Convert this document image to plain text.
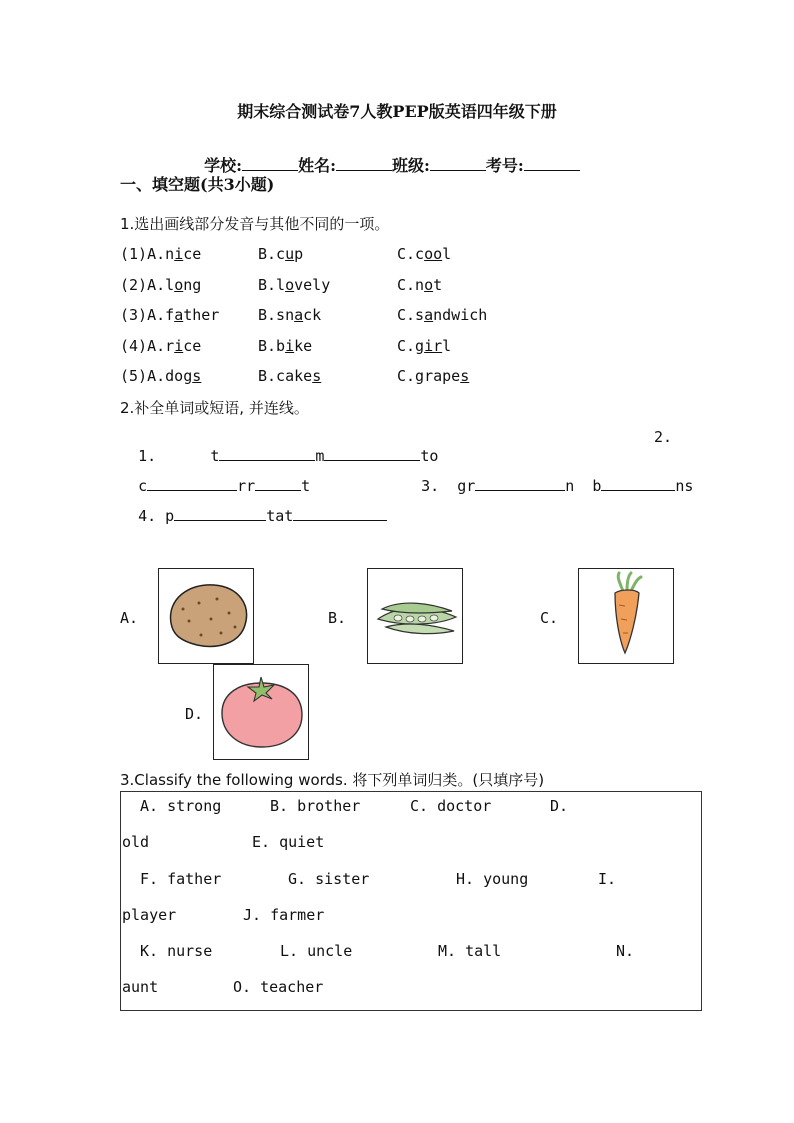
期末综合测试卷7人教PEP版英语四年级下册

学校:	姓名:	班级:	考号:

一、填空题(共3小题)
1.选出画线部分发音与其他不同的一项。
(1)A.nice	B.cup	C.cool
(2)A.long	B.lovely	C.not
(3)A.father	B.snack	C.sandwich
(4)A.rice	B.bike	C.girl
(5)A.dogs	B.cakes	C.grapes
2.补全单词或短语, 并连线。

1.	t	m	to

2.

c	rr	t	3. gr	n b	ns

4. p	tat

A.	B.	C.
D.
3.Classify the following words. 将下列单词归类。(只填序号)
A. strong	B. brother	C. doctor	D.
old	E. quiet
F. father	G. sister	H. young	I.
player	J. farmer
K. nurse	L. uncle	M. tall	N.
aunt	O. teacher
